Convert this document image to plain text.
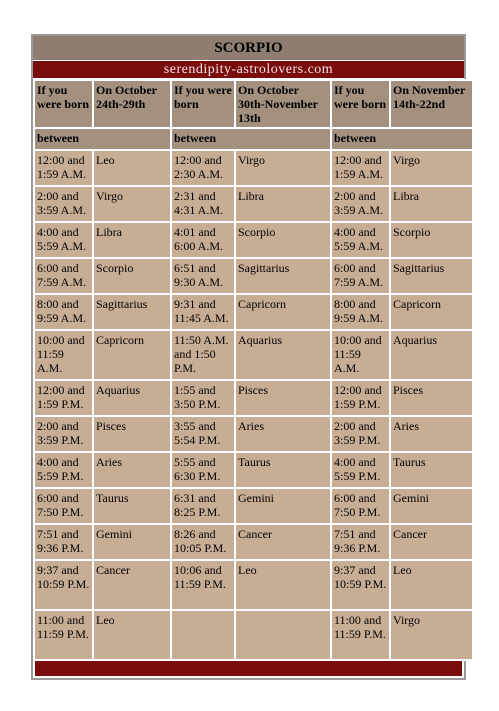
SCORPIO
serendipity-astrolovers.com
If you were born	On October 24th-29th	If you were born	On October 30th-November 13th	If you were born	On November 14th-22nd
between		between		between	
12:00 and 1:59 A.M.	Leo	12:00 and 2:30 A.M.	Virgo	12:00 and 1:59 A.M.	Virgo
2:00 and 3:59 A.M.	Virgo	2:31 and 4:31 A.M.	Libra	2:00 and 3:59 A.M.	Libra
4:00 and 5:59 A.M.	Libra	4:01 and 6:00 A.M.	Scorpio	4:00 and 5:59 A.M.	Scorpio
6:00 and 7:59 A.M.	Scorpio	6:51 and 9:30 A.M.	Sagittarius	6:00 and 7:59 A.M.	Sagittarius
8:00 and 9:59 A.M.	Sagittarius	9:31 and 11:45 A.M.	Capricorn	8:00 and 9:59 A.M.	Capricorn
10:00 and 11:59 A.M.	Capricorn	11:50 A.M. and 1:50 P.M.	Aquarius	10:00 and 11:59 A.M.	Aquarius
12:00 and 1:59 P.M.	Aquarius	1:55 and 3:50 P.M.	Pisces	12:00 and 1:59 P.M.	Pisces
2:00 and 3:59 P.M.	Pisces	3:55 and 5:54 P.M.	Aries	2:00 and 3:59 P.M.	Aries
4:00 and 5:59 P.M.	Aries	5:55 and 6:30 P.M.	Taurus	4:00 and 5:59 P.M.	Taurus
6:00 and 7:50 P.M.	Taurus	6:31 and 8:25 P.M.	Gemini	6:00 and 7:50 P.M.	Gemini
7:51 and 9:36 P.M.	Gemini	8:26 and 10:05 P.M.	Cancer	7:51 and 9:36 P.M.	Cancer
9:37 and 10:59 P.M.	Cancer	10:06 and 11:59 P.M.	Leo	9:37 and 10:59 P.M.	Leo
11:00 and 11:59 P.M.	Leo			11:00 and 11:59 P.M.	Virgo
